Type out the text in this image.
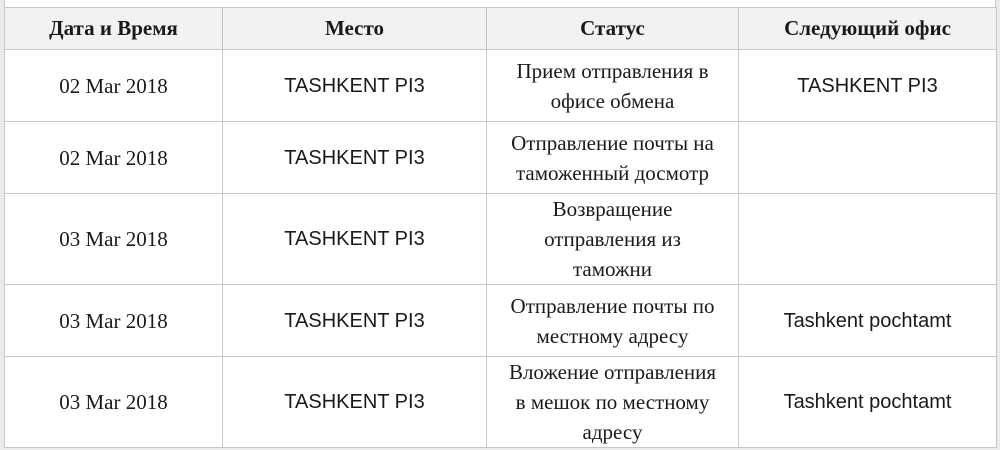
Дата и Время	Место	Статус	Следующий офис
02 Mar 2018	TASHKENT PI3	Прием отправления в офисе обмена	TASHKENT PI3
02 Mar 2018	TASHKENT PI3	Отправление почты на таможенный досмотр	
03 Mar 2018	TASHKENT PI3	Возвращение отправления из таможни	
03 Mar 2018	TASHKENT PI3	Отправление почты по местному адресу	Tashkent pochtamt
03 Mar 2018	TASHKENT PI3	Вложение отправления в мешок по местному адресу	Tashkent pochtamt
